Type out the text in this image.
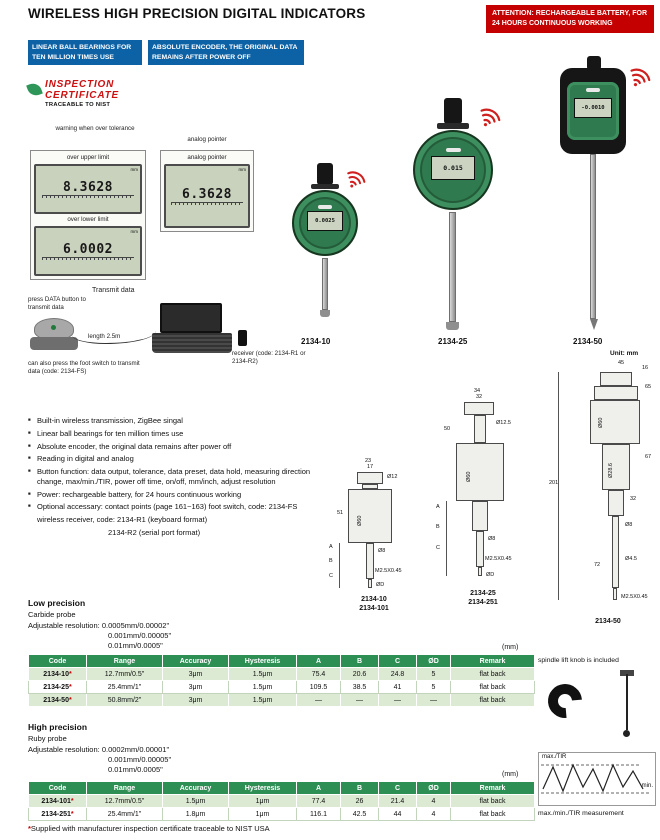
WIRELESS HIGH PRECISION DIGITAL INDICATORS	ATTENTION: RECHARGEABLE BATTERY, FOR 24 HOURS CONTINUOUS WORKING
LINEAR BALL BEARINGS FOR TEN MILLION TIMES USE
ABSOLUTE ENCODER, THE ORIGINAL DATA REMAINS AFTER POWER OFF
INSPECTION
CERTIFICATE
TRACEABLE TO NIST
warning when over tolerance
analog pointer
over upper limit
mm
8.3628
over lower limit
mm
6.0002
analog pointer
mm
6.3628
0.0025
0.015
-0.0010
2134-10	2134-25	2134-50
Transmit data
press DATA button to transmit data
length 2.5m
receiver (code: 2134-R1 or 2134-R2)
can also press the foot switch to transmit data (code: 2134-FS)
■ Built-in wireless transmission, ZigBee singal
■ Linear ball bearings for ten million times use
■ Absolute encoder, the original data remains after power off
■ Reading in digital and analog
■ Button function: data output, tolerance, data preset, data hold, measuring direction change, max/min./TIR, power off time, on/off, mm/inch, adjust resolution
■ Power: rechargeable battery, for 24 hours continuous working
■ Optional accessary: contact points (page 161~163) foot switch, code: 2134-FS
wireless receiver, code: 2134-R1 (keyboard format)
2134-R2 (serial port format)
23
17
Ø12
51
Ø60
Ø8
M2.5X0.45
ØD
A
B
C
2134-10
2134-101
34
32
Ø12.5
50
Ø60
Ø8
M2.5X0.45
ØD
A
B
C
2134-25
2134-251
Unit: mm
45
16
65
Ø60
67
Ø28.6
201
32
Ø8
Ø4.5
72
M2.5X0.45
2134-50
Low precision
Carbide probe
Adjustable resolution: 0.0005mm/0.00002"
0.001mm/0.00005"
0.01mm/0.0005"	(mm)
Code	Range	Accuracy	Hysteresis	A	B	C	ØD	Remark
2134-10*	12.7mm/0.5"	3μm	1.5μm	75.4	20.6	24.8	5	flat back
2134-25*	25.4mm/1"	3μm	1.5μm	109.5	38.5	41	5	flat back
2134-50*	50.8mm/2"	3μm	1.5μm	—	—	—	—	flat back
High precision
Ruby probe
Adjustable resolution: 0.0002mm/0.00001"
0.001mm/0.00005"
0.01mm/0.0005"
(mm)
Code	Range	Accuracy	Hysteresis	A	B	C	ØD	Remark
2134-101*	12.7mm/0.5"	1.5μm	1μm	77.4	26	21.4	4	flat back
2134-251*	25.4mm/1"	1.8μm	1μm	116.1	42.5	44	4	flat back
spindle lift knob is included
max./TIR
min.
max./min./TIR measurement
*Supplied with manufacturer inspection certificate traceable to NIST USA
